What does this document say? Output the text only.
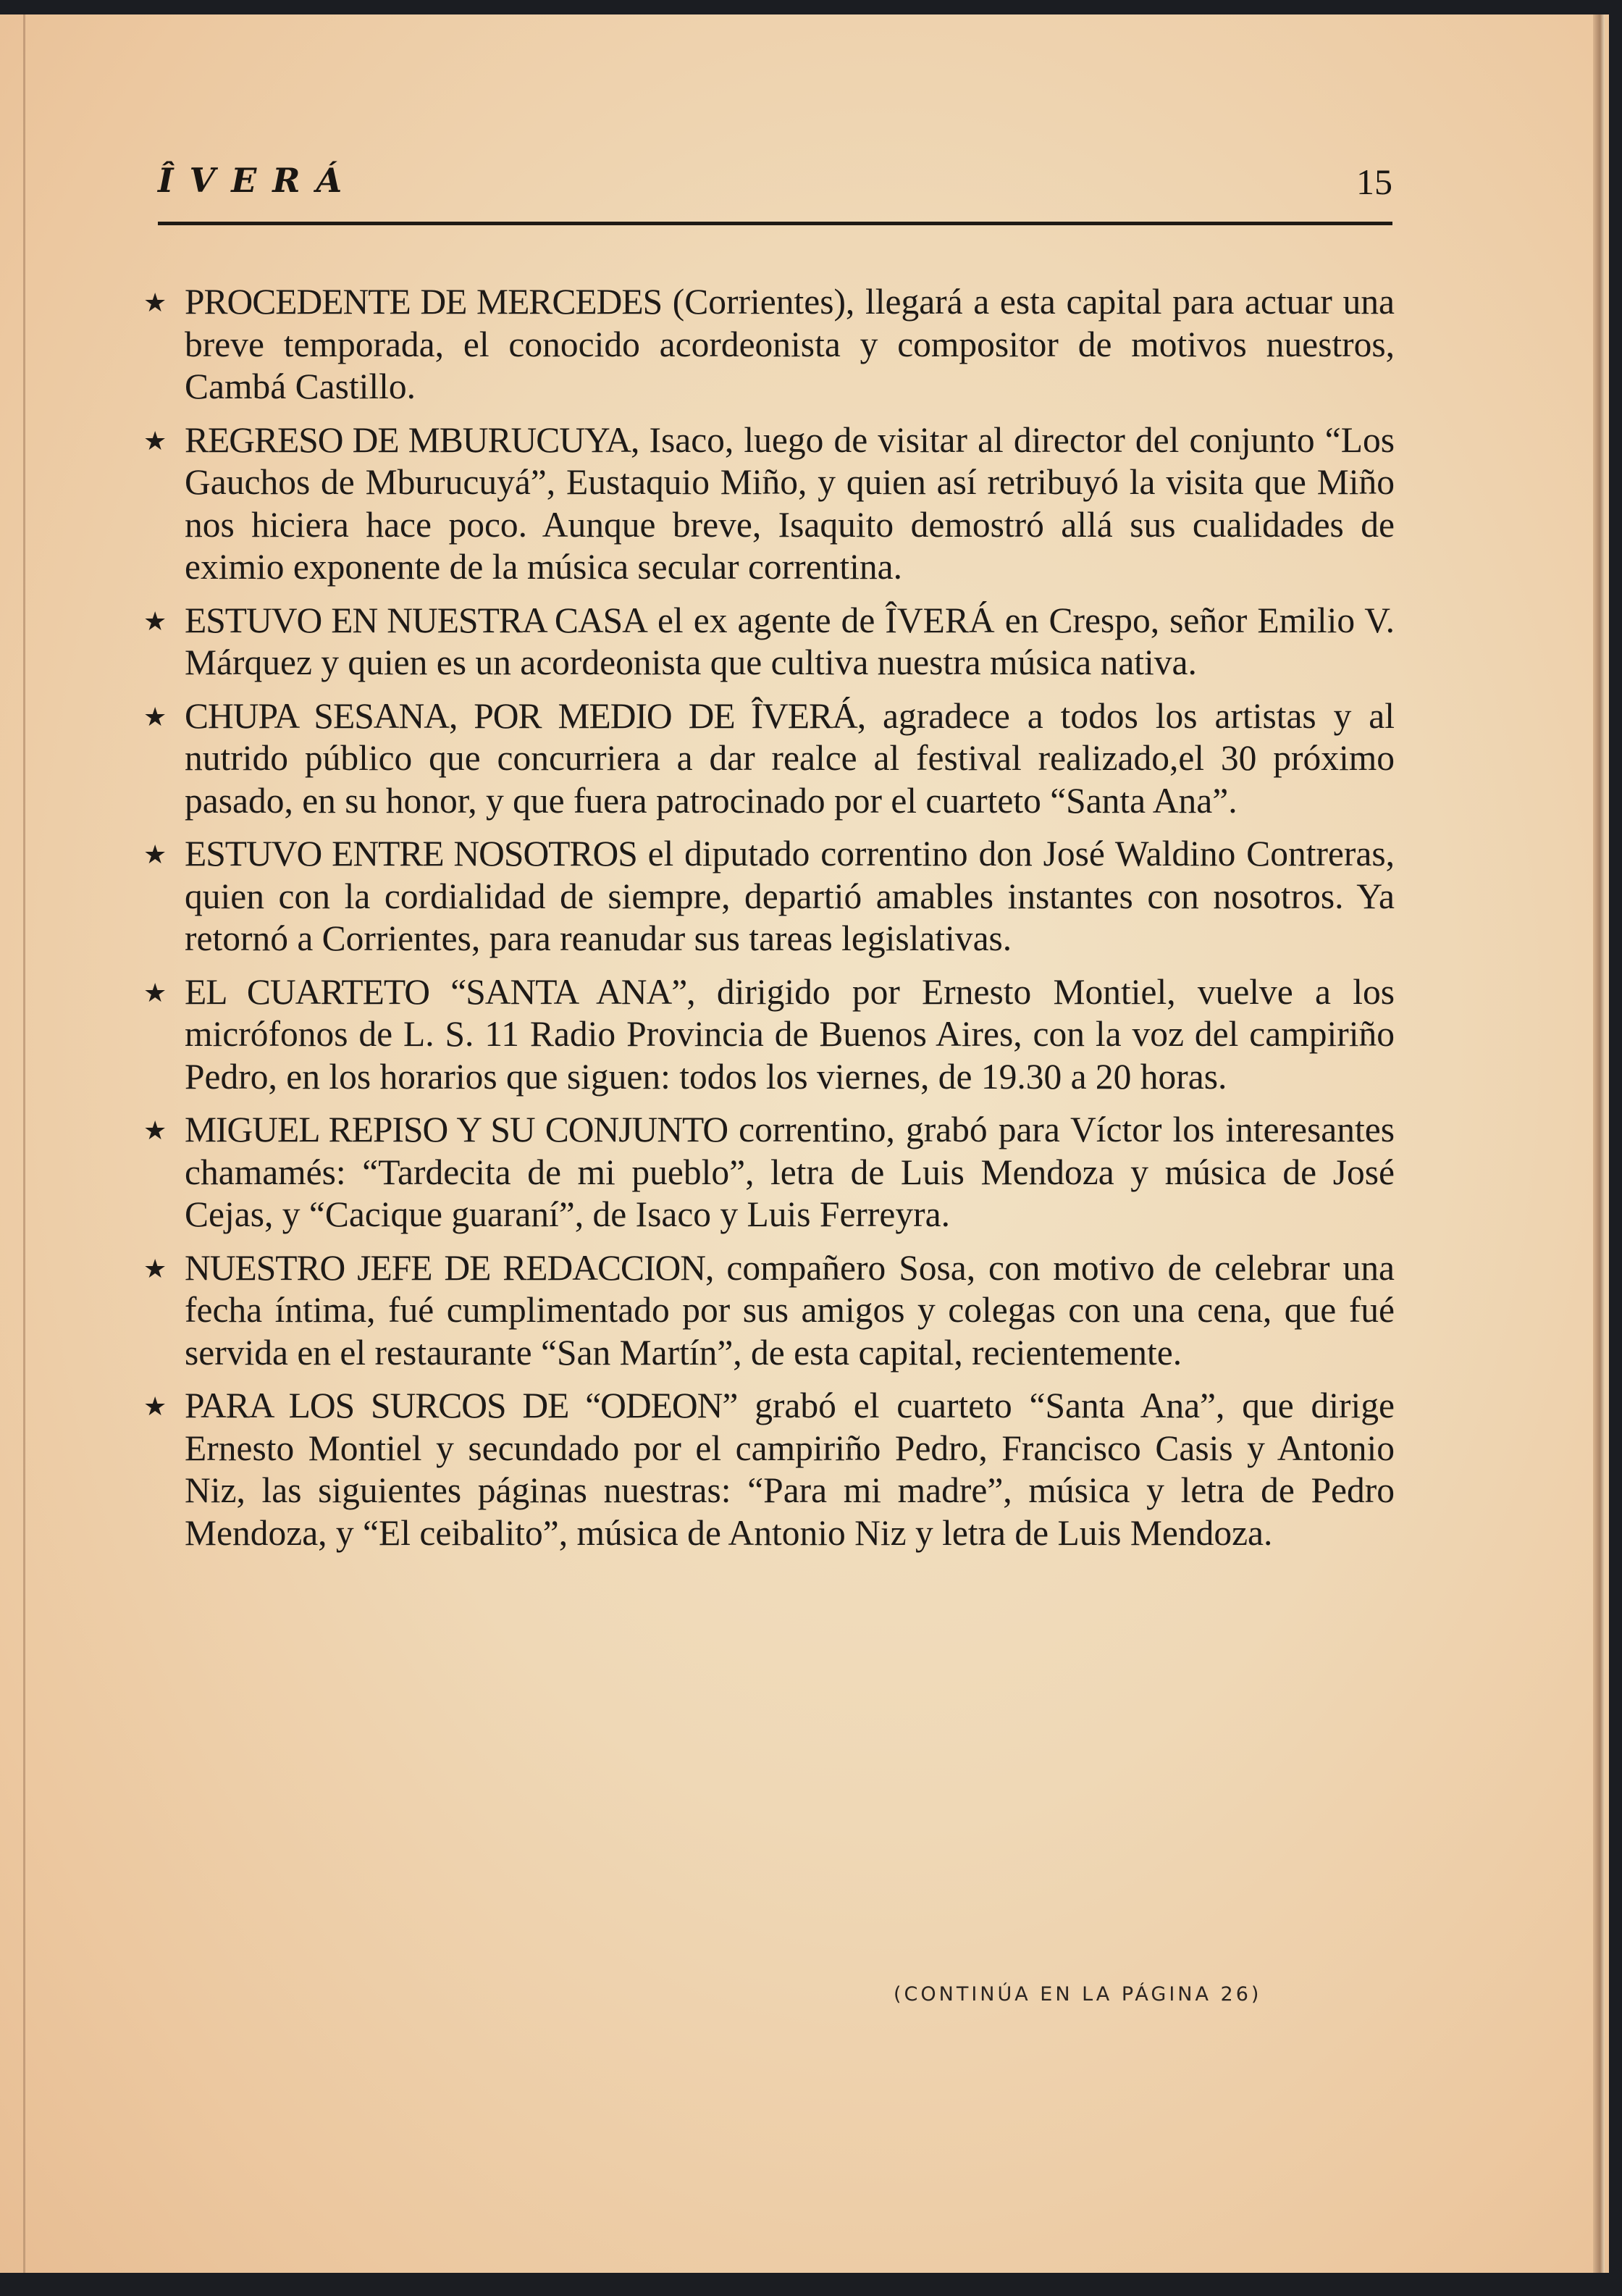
ÎVERÁ	15
★ PROCEDENTE DE MERCEDES (Corrientes), llegará a esta capital para actuar una breve temporada, el conocido acordeonista y compositor de motivos nuestros, Cambá Castillo.
★ REGRESO DE MBURUCUYA, Isaco, luego de visitar al director del conjunto “Los Gauchos de Mburucuyá”, Eustaquio Miño, y quien así retribuyó la visita que Miño nos hiciera hace poco. Aunque breve, Isaquito demostró allá sus cualidades de eximio exponente de la música secular correntina.
★ ESTUVO EN NUESTRA CASA el ex agente de ÎVERÁ en Crespo, señor Emilio V. Márquez y quien es un acordeonista que cultiva nuestra música nativa.
★ CHUPA SESANA, POR MEDIO DE ÎVERÁ, agradece a todos los artistas y al nutrido público que concurriera a dar realce al festival realizado,el 30 próximo pasado, en su honor, y que fuera patrocinado por el cuarteto “Santa Ana”.
★ ESTUVO ENTRE NOSOTROS el diputado correntino don José Waldino Contreras, quien con la cordialidad de siempre, departió amables instantes con nosotros. Ya retornó a Corrientes, para reanudar sus tareas legislativas.
★ EL CUARTETO “SANTA ANA”, dirigido por Ernesto Montiel, vuelve a los micrófonos de L. S. 11 Radio Provincia de Buenos Aires, con la voz del campiriño Pedro, en los horarios que siguen: todos los viernes, de 19.30 a 20 horas.
★ MIGUEL REPISO Y SU CONJUNTO correntino, grabó para Víctor los interesantes chamamés: “Tardecita de mi pueblo”, letra de Luis Mendoza y música de José Cejas, y “Cacique guaraní”, de Isaco y Luis Ferreyra.
★ NUESTRO JEFE DE REDACCION, compañero Sosa, con motivo de celebrar una fecha íntima, fué cumplimentado por sus amigos y colegas con una cena, que fué servida en el restaurante “San Martín”, de esta capital, recientemente.
★ PARA LOS SURCOS DE “ODEON” grabó el cuarteto “Santa Ana”, que dirige Ernesto Montiel y secundado por el campiriño Pedro, Francisco Casis y Antonio Niz, las siguientes páginas nuestras: “Para mi madre”, música y letra de Pedro Mendoza, y “El ceibalito”, música de Antonio Niz y letra de Luis Mendoza.
(CONTINÚA EN LA PÁGINA 26)
